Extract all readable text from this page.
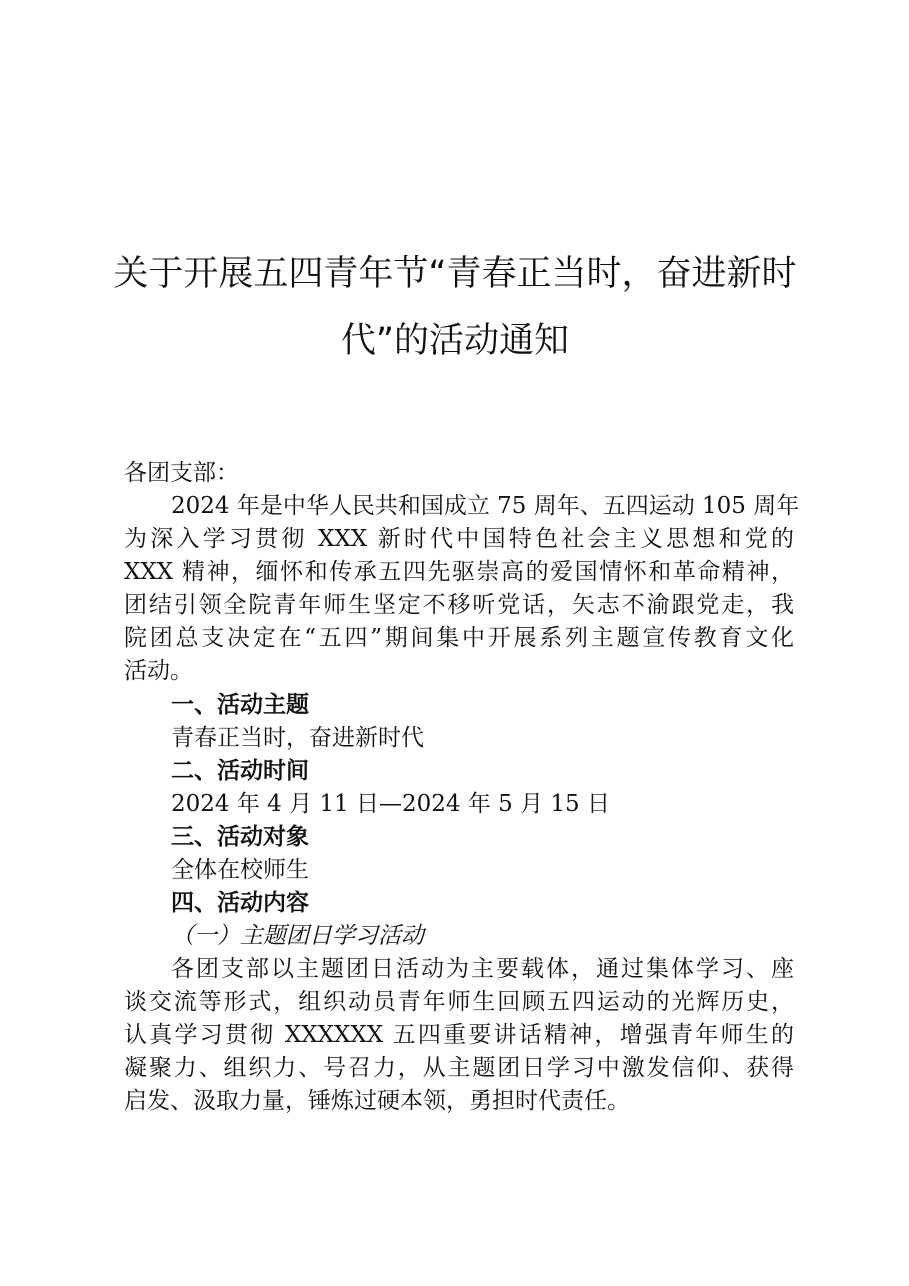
关于开展五四青年节“青春正当时，奋进新时
代”的活动通知
各团支部：
2024 年是中华人民共和国成立 75 周年、五四运动 105 周年
为深入学习贯彻 XXX 新时代中国特色社会主义思想和党的
XXX 精神，缅怀和传承五四先驱崇高的爱国情怀和革命精神，
团结引领全院青年师生坚定不移听党话，矢志不渝跟党走，我
院团总支决定在“五四”期间集中开展系列主题宣传教育文化
活动。
一、活动主题
青春正当时，奋进新时代
二、活动时间
2024 年 4 月 11 日—2024 年 5 月 15 日
三、活动对象
全体在校师生
四、活动内容
（一）主题团日学习活动
各团支部以主题团日活动为主要载体，通过集体学习、座
谈交流等形式，组织动员青年师生回顾五四运动的光辉历史，
认真学习贯彻 XXXXXX 五四重要讲话精神，增强青年师生的
凝聚力、组织力、号召力，从主题团日学习中激发信仰、获得
启发、汲取力量，锤炼过硬本领，勇担时代责任。
